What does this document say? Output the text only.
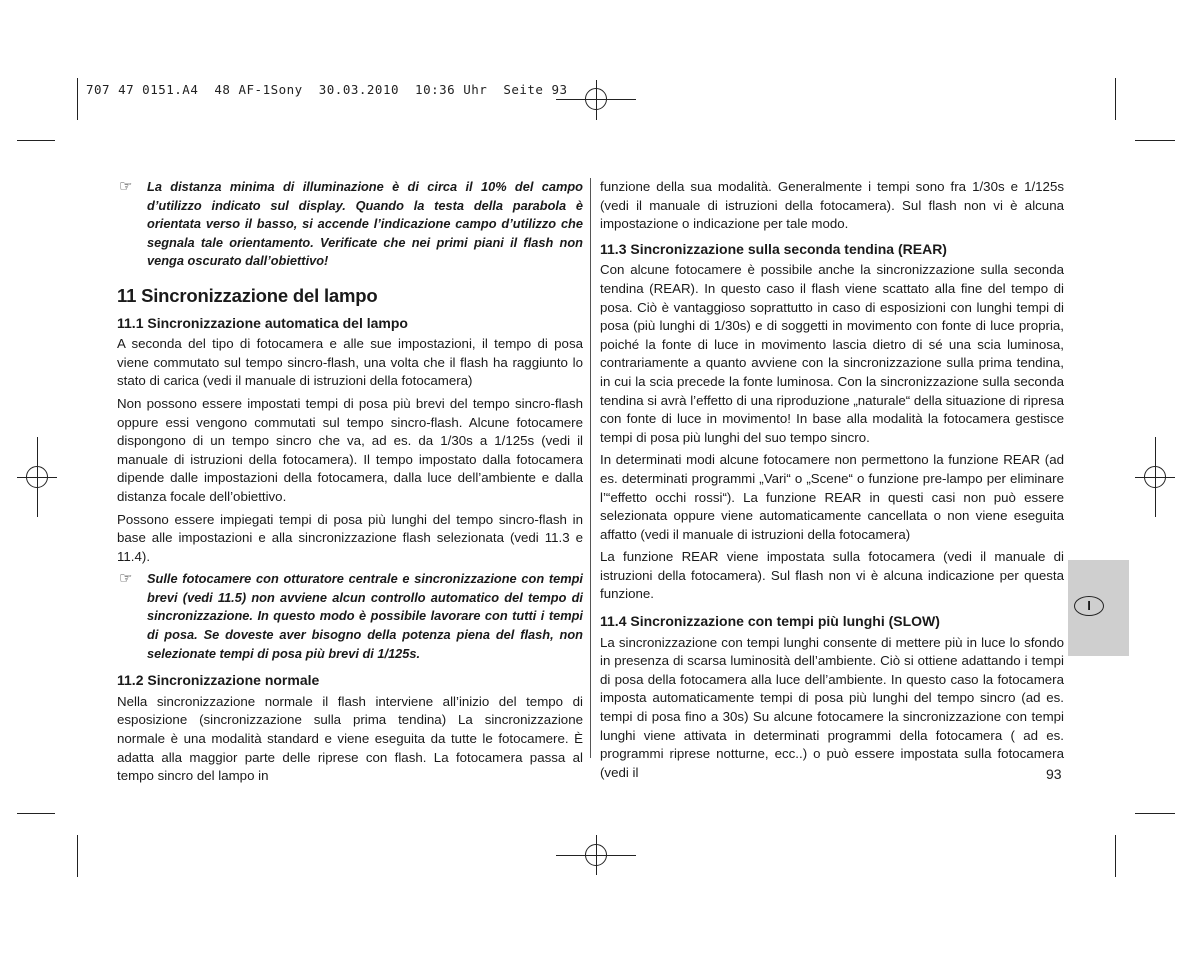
707 47 0151.A4  48 AF-1Sony  30.03.2010  10:36 Uhr  Seite 93
☞ La distanza minima di illuminazione è di circa il 10% del campo d’utilizzo indicato sul display. Quando la testa della parabola è orientata verso il basso, si accende l’indicazione campo d’utilizzo che segnala tale orientamento. Verificate che nei primi piani il flash non venga oscurato dall’obiettivo!
11 Sincronizzazione del lampo
11.1 Sincronizzazione automatica del lampo

A seconda del tipo di fotocamera e alle sue impostazioni, il tempo di posa viene commutato sul tempo sincro-flash, una volta che il flash ha raggiunto lo stato di carica (vedi il manuale di istruzioni della fotocamera)

Non possono essere impostati tempi di posa più brevi del tempo sincro-flash oppure essi vengono commutati sul tempo sincro-flash. Alcune fotocamere dispongono di un tempo sincro che va, ad es. da 1/30s a 1/125s (vedi il manuale di istruzioni della fotocamera). Il tempo impostato dalla fotocamera dipende dalle impostazioni della fotocamera, dalla luce dell’ambiente e dalla distanza focale dell’obiettivo.

Possono essere impiegati tempi di posa più lunghi del tempo sincro-flash in base alle impostazioni e alla sincronizzazione flash selezionata (vedi 11.3 e 11.4).

☞ Sulle fotocamere con otturatore centrale e sincronizzazione con tempi brevi (vedi 11.5) non avviene alcun controllo automatico del tempo di sincronizzazione. In questo modo è possibile lavorare con tutti i tempi di posa. Se doveste aver bisogno della potenza piena del flash, non selezionate tempi di posa più brevi di 1/125s.
11.2 Sincronizzazione normale

Nella sincronizzazione normale il flash interviene all’inizio del tempo di esposizione (sincronizzazione sulla prima tendina) La sincronizzazione normale è una modalità standard e viene eseguita da tutte le fotocamere. È adatta alla maggior parte delle riprese con flash. La fotocamera passa al tempo sincro del lampo in

funzione della sua modalità. Generalmente i tempi sono fra 1/30s e 1/125s (vedi il manuale di istruzioni della fotocamera). Sul flash non vi è alcuna impostazione o indicazione per tale modo.

11.3 Sincronizzazione sulla seconda tendina (REAR)

Con alcune fotocamere è possibile anche la sincronizzazione sulla seconda tendina (REAR). In questo caso il flash viene scattato alla fine del tempo di posa. Ciò è vantaggioso soprattutto in caso di esposizioni con lunghi tempi di posa (più lunghi di 1/30s) e di soggetti in movimento con fonte di luce propria, poiché la fonte di luce in movimento lascia dietro di sé una scia luminosa, contrariamente a quanto avviene con la sincronizzazione sulla prima tendina, in cui la scia precede la fonte luminosa. Con la sincronizzazione sulla seconda tendina si avrà l’effetto di una riproduzione „naturale“ della situazione di ripresa con fonte di luce in movimento! In base alla modalità la fotocamera gestisce tempi di posa più lunghi del suo tempo sincro.

In determinati modi alcune fotocamere non permettono la funzione REAR (ad es. determinati programmi „Vari“ o „Scene“ o funzione pre-lampo per eliminare l’“effetto occhi rossi“). La funzione REAR in questi casi non può essere selezionata oppure viene automaticamente cancellata o non viene eseguita affatto (vedi il manuale di istruzioni della fotocamera)

La funzione REAR viene impostata sulla fotocamera (vedi il manuale di istruzioni della fotocamera). Sul flash non vi è alcuna indicazione per questa funzione.

11.4 Sincronizzazione con tempi più lunghi (SLOW)

La sincronizzazione con tempi lunghi consente di mettere più in luce lo sfondo in presenza di scarsa luminosità dell’ambiente. Ciò si ottiene adattando i tempi di posa della fotocamera alla luce dell’ambiente. In questo caso la fotocamera imposta automaticamente tempi di posa più lunghi del tempo sincro (ad es. tempi di posa fino a 30s) Su alcune fotocamere la sincronizzazione con tempi lunghi viene attivata in determinati programmi della fotocamera ( ad es. programmi riprese notturne, ecc..) o può essere impostata sulla fotocamera (vedi il

I
93
